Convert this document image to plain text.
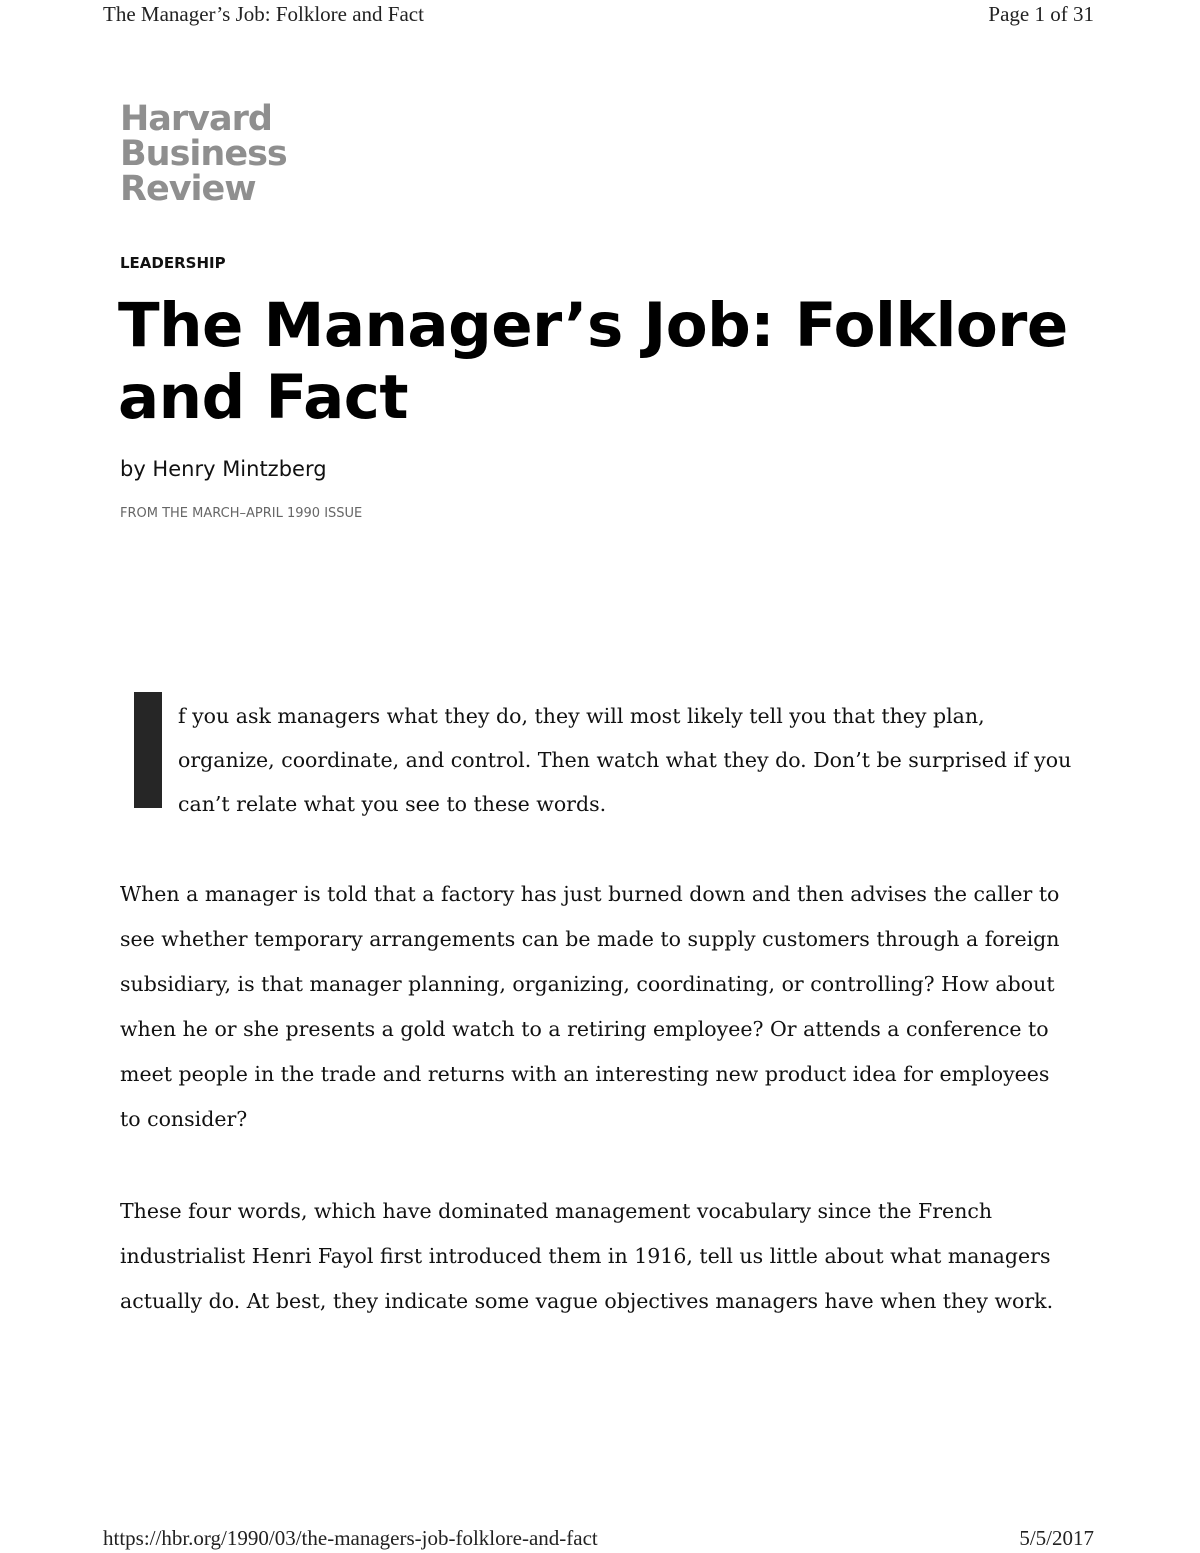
The Manager’s Job: Folklore and Fact	Page 1 of 31
Harvard
Business
Review
LEADERSHIP
The Manager’s Job: Folklore and Fact
by Henry Mintzberg
FROM THE MARCH–APRIL 1990 ISSUE

f you ask managers what they do, they will most likely tell you that they plan, organize, coordinate, and control. Then watch what they do. Don’t be surprised if you can’t relate what you see to these words.

When a manager is told that a factory has just burned down and then advises the caller to see whether temporary arrangements can be made to supply customers through a foreign subsidiary, is that manager planning, organizing, coordinating, or controlling? How about when he or she presents a gold watch to a retiring employee? Or attends a conference to meet people in the trade and returns with an interesting new product idea for employees to consider?

These four words, which have dominated management vocabulary since the French industrialist Henri Fayol first introduced them in 1916, tell us little about what managers actually do. At best, they indicate some vague objectives managers have when they work.

https://hbr.org/1990/03/the-managers-job-folklore-and-fact	5/5/2017
